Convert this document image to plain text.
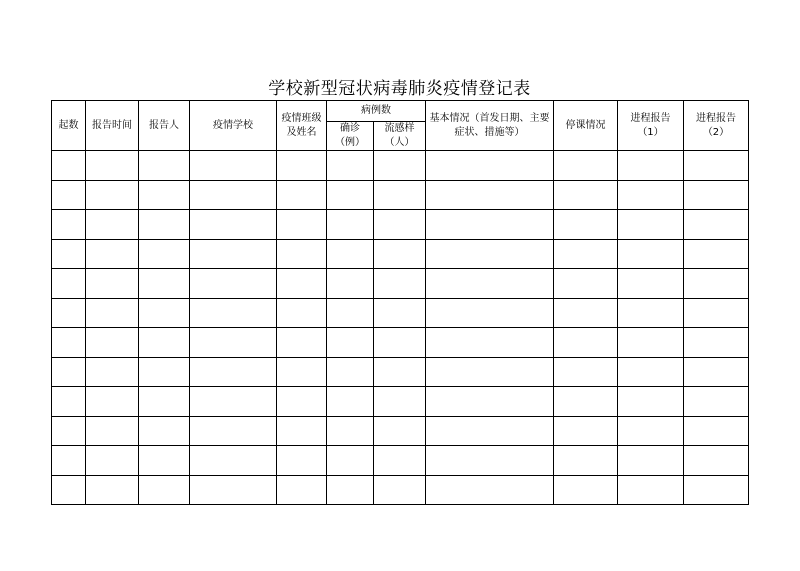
学校新型冠状病毒肺炎疫情登记表
起数	报告时间	报告人	疫情学校	疫情班级及姓名	病例数		基本情况（首发日期、主要症状、措施等）	停课情况	进程报告（1）	进程报告（2）

					确诊（例）	流感样（人）				
